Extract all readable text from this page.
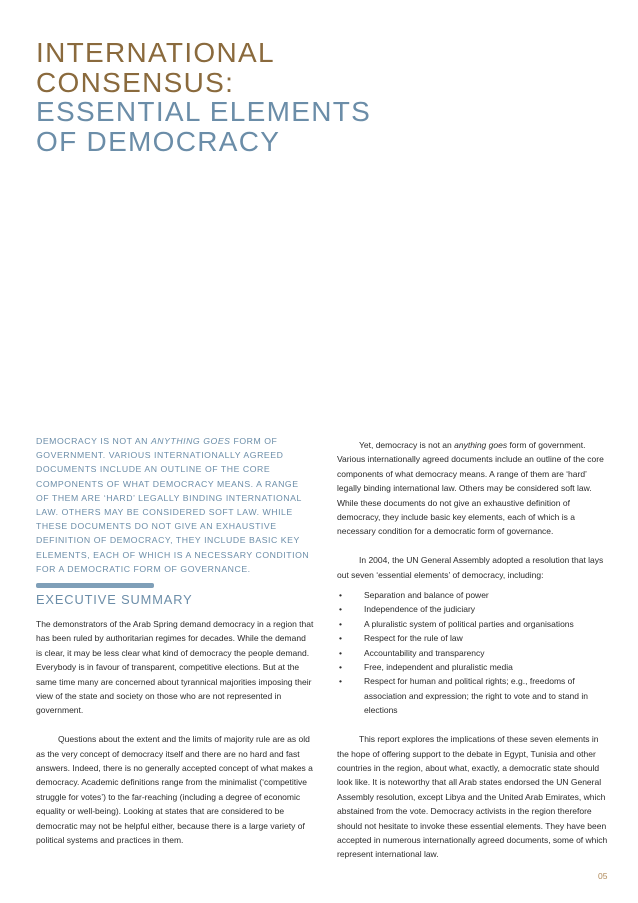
INTERNATIONAL
CONSENSUS:
ESSENTIAL ELEMENTS
OF DEMOCRACY

DEMOCRACY IS NOT AN ANYTHING GOES FORM OF GOVERNMENT. VARIOUS INTERNATIONALLY AGREED DOCUMENTS INCLUDE AN OUTLINE OF THE CORE COMPONENTS OF WHAT DEMOCRACY MEANS. A RANGE OF THEM ARE ‘HARD’ LEGALLY BINDING INTERNATIONAL LAW. OTHERS MAY BE CONSIDERED SOFT LAW. WHILE THESE DOCUMENTS DO NOT GIVE AN EXHAUSTIVE DEFINITION OF DEMOCRACY, THEY INCLUDE BASIC KEY ELEMENTS, EACH OF WHICH IS A NECESSARY CONDITION FOR A DEMOCRATIC FORM OF GOVERNANCE.

EXECUTIVE SUMMARY

The demonstrators of the Arab Spring demand democracy in a region that has been ruled by authoritarian regimes for decades. While the demand is clear, it may be less clear what kind of democracy the people demand. Everybody is in favour of transparent, competitive elections. But at the same time many are concerned about tyrannical majorities imposing their view of the state and society on those who are not represented in government.

Questions about the extent and the limits of majority rule are as old as the very concept of democracy itself and there are no hard and fast answers. Indeed, there is no generally accepted concept of what makes a democracy. Academic definitions range from the minimalist (‘competitive struggle for votes’) to the far-reaching (including a degree of economic equality or well-being). Looking at states that are considered to be democratic may not be helpful either, because there is a large variety of political systems and practices in them.

Yet, democracy is not an anything goes form of government. Various internationally agreed documents include an outline of the core components of what democracy means. A range of them are ‘hard’ legally binding international law. Others may be considered soft law. While these documents do not give an exhaustive definition of democracy, they include basic key elements, each of which is a necessary condition for a democratic form of governance.

In 2004, the UN General Assembly adopted a resolution that lays out seven ‘essential elements’ of democracy, including:

• Separation and balance of power
• Independence of the judiciary
• A pluralistic system of political parties and organisations
• Respect for the rule of law
• Accountability and transparency
• Free, independent and pluralistic media
• Respect for human and political rights; e.g., freedoms of association and expression; the right to vote and to stand in elections

This report explores the implications of these seven elements in the hope of offering support to the debate in Egypt, Tunisia and other countries in the region, about what, exactly, a democratic state should look like. It is noteworthy that all Arab states endorsed the UN General Assembly resolution, except Libya and the United Arab Emirates, which abstained from the vote. Democracy activists in the region therefore should not hesitate to invoke these essential elements. They have been accepted in numerous internationally agreed documents, some of which represent international law.

05
